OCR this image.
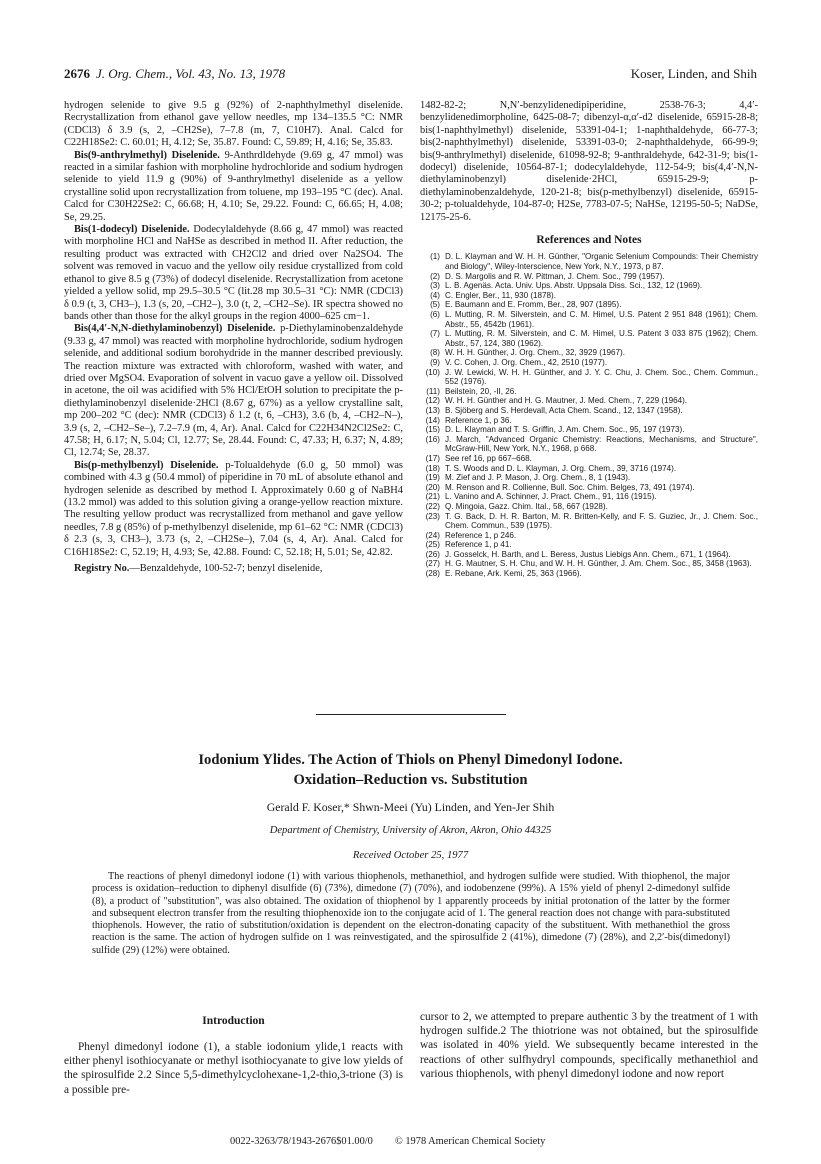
2676 J. Org. Chem., Vol. 43, No. 13, 1978	Koser, Linden, and Shih

hydrogen selenide to give 9.5 g (92%) of 2-naphthylmethyl diselenide. Recrystallization from ethanol gave yellow needles, mp 134–135.5 °C: NMR (CDCl3) δ 3.9 (s, 2, –CH2Se), 7–7.8 (m, 7, C10H7). Anal. Calcd for C22H18Se2: C. 60.01; H, 4.12; Se, 35.87. Found: C, 59.89; H, 4.16; Se, 35.83.

Bis(9-anthrylmethyl) Diselenide. 9-Anthrdldehyde (9.69 g, 47 mmol) was reacted in a similar fashion with morpholine hydrochloride and sodium hydrogen selenide to yield 11.9 g (90%) of 9-anthrylmethyl diselenide as a yellow crystalline solid upon recrystallization from toluene, mp 193–195 °C (dec). Anal. Calcd for C30H22Se2: C, 66.68; H, 4.10; Se, 29.22. Found: C, 66.65; H, 4.08; Se, 29.25.

Bis(1-dodecyl) Diselenide. Dodecylaldehyde (8.66 g, 47 mmol) was reacted with morpholine HCl and NaHSe as described in method II. After reduction, the resulting product was extracted with CH2Cl2 and dried over Na2SO4. The solvent was removed in vacuo and the yellow oily residue crystallized from cold ethanol to give 8.5 g (73%) of dodecyl diselenide. Recrystallization from acetone yielded a yellow solid, mp 29.5–30.5 °C (lit.28 mp 30.5–31 °C): NMR (CDCl3) δ 0.9 (t, 3, CH3–), 1.3 (s, 20, –CH2–), 3.0 (t, 2, –CH2–Se). IR spectra showed no bands other than those for the alkyl groups in the region 4000–625 cm−1.

Bis(4,4′-N,N-diethylaminobenzyl) Diselenide. p-Diethylaminobenzaldehyde (9.33 g, 47 mmol) was reacted with morpholine hydrochloride, sodium hydrogen selenide, and additional sodium borohydride in the manner described previously. The reaction mixture was extracted with chloroform, washed with water, and dried over MgSO4. Evaporation of solvent in vacuo gave a yellow oil. Dissolved in acetone, the oil was acidified with 5% HCl/EtOH solution to precipitate the p-diethylaminobenzyl diselenide·2HCl (8.67 g, 67%) as a yellow crystalline salt, mp 200–202 °C (dec): NMR (CDCl3) δ 1.2 (t, 6, –CH3), 3.6 (b, 4, –CH2–N–), 3.9 (s, 2, –CH2–Se–), 7.2–7.9 (m, 4, Ar). Anal. Calcd for C22H34N2Cl2Se2: C, 47.58; H, 6.17; N, 5.04; Cl, 12.77; Se, 28.44. Found: C, 47.33; H, 6.37; N, 4.89; Cl, 12.74; Se, 28.37.

Bis(p-methylbenzyl) Diselenide. p-Tolualdehyde (6.0 g, 50 mmol) was combined with 4.3 g (50.4 mmol) of piperidine in 70 mL of absolute ethanol and hydrogen selenide as described by method I. Approximately 0.60 g of NaBH4 (13.2 mmol) was added to this solution giving a orange-yellow reaction mixture. The resulting yellow product was recrystallized from methanol and gave yellow needles, 7.8 g (85%) of p-methylbenzyl diselenide, mp 61–62 °C: NMR (CDCl3) δ 2.3 (s, 3, CH3–), 3.73 (s, 2, –CH2Se–), 7.04 (s, 4, Ar). Anal. Calcd for C16H18Se2: C, 52.19; H, 4.93; Se, 42.88. Found: C, 52.18; H, 5.01; Se, 42.82.

Registry No.—Benzaldehyde, 100-52-7; benzyl diselenide,

1482-82-2; N,N′-benzylidenedipiperidine, 2538-76-3; 4,4′-benzylidenedimorpholine, 6425-08-7; dibenzyl-α,α′-d2 diselenide, 65915-28-8; bis(1-naphthylmethyl) diselenide, 53391-04-1; 1-naphthaldehyde, 66-77-3; bis(2-naphthylmethyl) diselenide, 53391-03-0; 2-naphthaldehyde, 66-99-9; bis(9-anthrylmethyl) diselenide, 61098-92-8; 9-anthraldehyde, 642-31-9; bis(1-dodecyl) diselenide, 10564-87-1; dodecylaldehyde, 112-54-9; bis(4,4′-N,N-diethylaminobenzyl) diselenide·2HCl, 65915-29-9; p-diethylaminobenzaldehyde, 120-21-8; bis(p-methylbenzyl) diselenide, 65915-30-2; p-tolualdehyde, 104-87-0; H2Se, 7783-07-5; NaHSe, 12195-50-5; NaDSe, 12175-25-6.

References and Notes
(1) D. L. Klayman and W. H. H. Günther, "Organic Selenium Compounds: Their Chemistry and Biology", Wiley-Interscience, New York, N.Y., 1973, p 87.
(2) D. S. Margolis and R. W. Pittman, J. Chem. Soc., 799 (1957).
(3) L. B. Agenäs. Acta. Univ. Ups. Abstr. Uppsala Diss. Sci., 132, 12 (1969).
(4) C. Engler, Ber., 11, 930 (1878).
(5) E. Baumann and E. Fromm, Ber., 28, 907 (1895).
(6) L. Mutting, R. M. Silverstein, and C. M. Himel, U.S. Patent 2 951 848 (1961); Chem. Abstr., 55, 4542b (1961).
(7) L. Mutting, R. M. Silverstein, and C. M. Himel, U.S. Patent 3 033 875 (1962); Chem. Abstr., 57, 124, 380 (1962).
(8) W. H. H. Günther, J. Org. Chem., 32, 3929 (1967).
(9) V. C. Cohen, J. Org. Chem., 42, 2510 (1977).
(10) J. W. Lewicki, W. H. H. Günther, and J. Y. C. Chu, J. Chem. Soc., Chem. Commun., 552 (1976).
(11) Beilstein, 20, -II, 26.
(12) W. H. H. Günther and H. G. Mautner, J. Med. Chem., 7, 229 (1964).
(13) B. Sjöberg and S. Herdevall, Acta Chem. Scand., 12, 1347 (1958).
(14) Reference 1, p 36.
(15) D. L. Klayman and T. S. Griffin, J. Am. Chem. Soc., 95, 197 (1973).
(16) J. March, "Advanced Organic Chemistry: Reactions, Mechanisms, and Structure", McGraw-Hill, New York, N.Y., 1968, p 668.
(17) See ref 16, pp 667–668.
(18) T. S. Woods and D. L. Klayman, J. Org. Chem., 39, 3716 (1974).
(19) M. Zief and J. P. Mason, J. Org. Chem., 8, 1 (1943).
(20) M. Renson and R. Collienne, Bull. Soc. Chim. Belges, 73, 491 (1974).
(21) L. Vanino and A. Schinner, J. Pract. Chem., 91, 116 (1915).
(22) Q. Mingoia, Gazz. Chim. Ital., 58, 667 (1928).
(23) T. G. Back, D. H. R. Barton, M. R. Britten-Kelly, and F. S. Guziec, Jr., J. Chem. Soc., Chem. Commun., 539 (1975).
(24) Reference 1, p 246.
(25) Reference 1, p 41.
(26) J. Gosselck, H. Barth, and L. Beress, Justus Liebigs Ann. Chem., 671, 1 (1964).
(27) H. G. Mautner, S. H. Chu, and W. H. H. Günther, J. Am. Chem. Soc., 85, 3458 (1963).
(28) E. Rebane, Ark. Kemi, 25, 363 (1966).
Iodonium Ylides. The Action of Thiols on Phenyl Dimedonyl Iodone.
Oxidation–Reduction vs. Substitution
Gerald F. Koser,* Shwn-Meei (Yu) Linden, and Yen-Jer Shih
Department of Chemistry, University of Akron, Akron, Ohio 44325
Received October 25, 1977

The reactions of phenyl dimedonyl iodone (1) with various thiophenols, methanethiol, and hydrogen sulfide were studied. With thiophenol, the major process is oxidation–reduction to diphenyl disulfide (6) (73%), dimedone (7) (70%), and iodobenzene (99%). A 15% yield of phenyl 2-dimedonyl sulfide (8), a product of "substitution", was also obtained. The oxidation of thiophenol by 1 apparently proceeds by initial protonation of the latter by the former and subsequent electron transfer from the resulting thiophenoxide ion to the conjugate acid of 1. The general reaction does not change with para-substituted thiophenols. However, the ratio of substitution/oxidation is dependent on the electron-donating capacity of the substituent. With methanethiol the gross reaction is the same. The action of hydrogen sulfide on 1 was reinvestigated, and the spirosulfide 2 (41%), dimedone (7) (28%), and 2,2′-bis(dimedonyl) sulfide (29) (12%) were obtained.

Introduction

Phenyl dimedonyl iodone (1), a stable iodonium ylide,1 reacts with either phenyl isothiocyanate or methyl isothiocyanate to give low yields of the spirosulfide 2.2 Since 5,5-dimethylcyclohexane-1,2-thio,3-trione (3) is a possible pre-

cursor to 2, we attempted to prepare authentic 3 by the treatment of 1 with hydrogen sulfide.2 The thiotrione was not obtained, but the spirosulfide was isolated in 40% yield. We subsequently became interested in the reactions of other sulfhydryl compounds, specifically methanethiol and various thiophenols, with phenyl dimedonyl iodone and now report

0022-3263/78/1943-2676$01.00/0 © 1978 American Chemical Society
